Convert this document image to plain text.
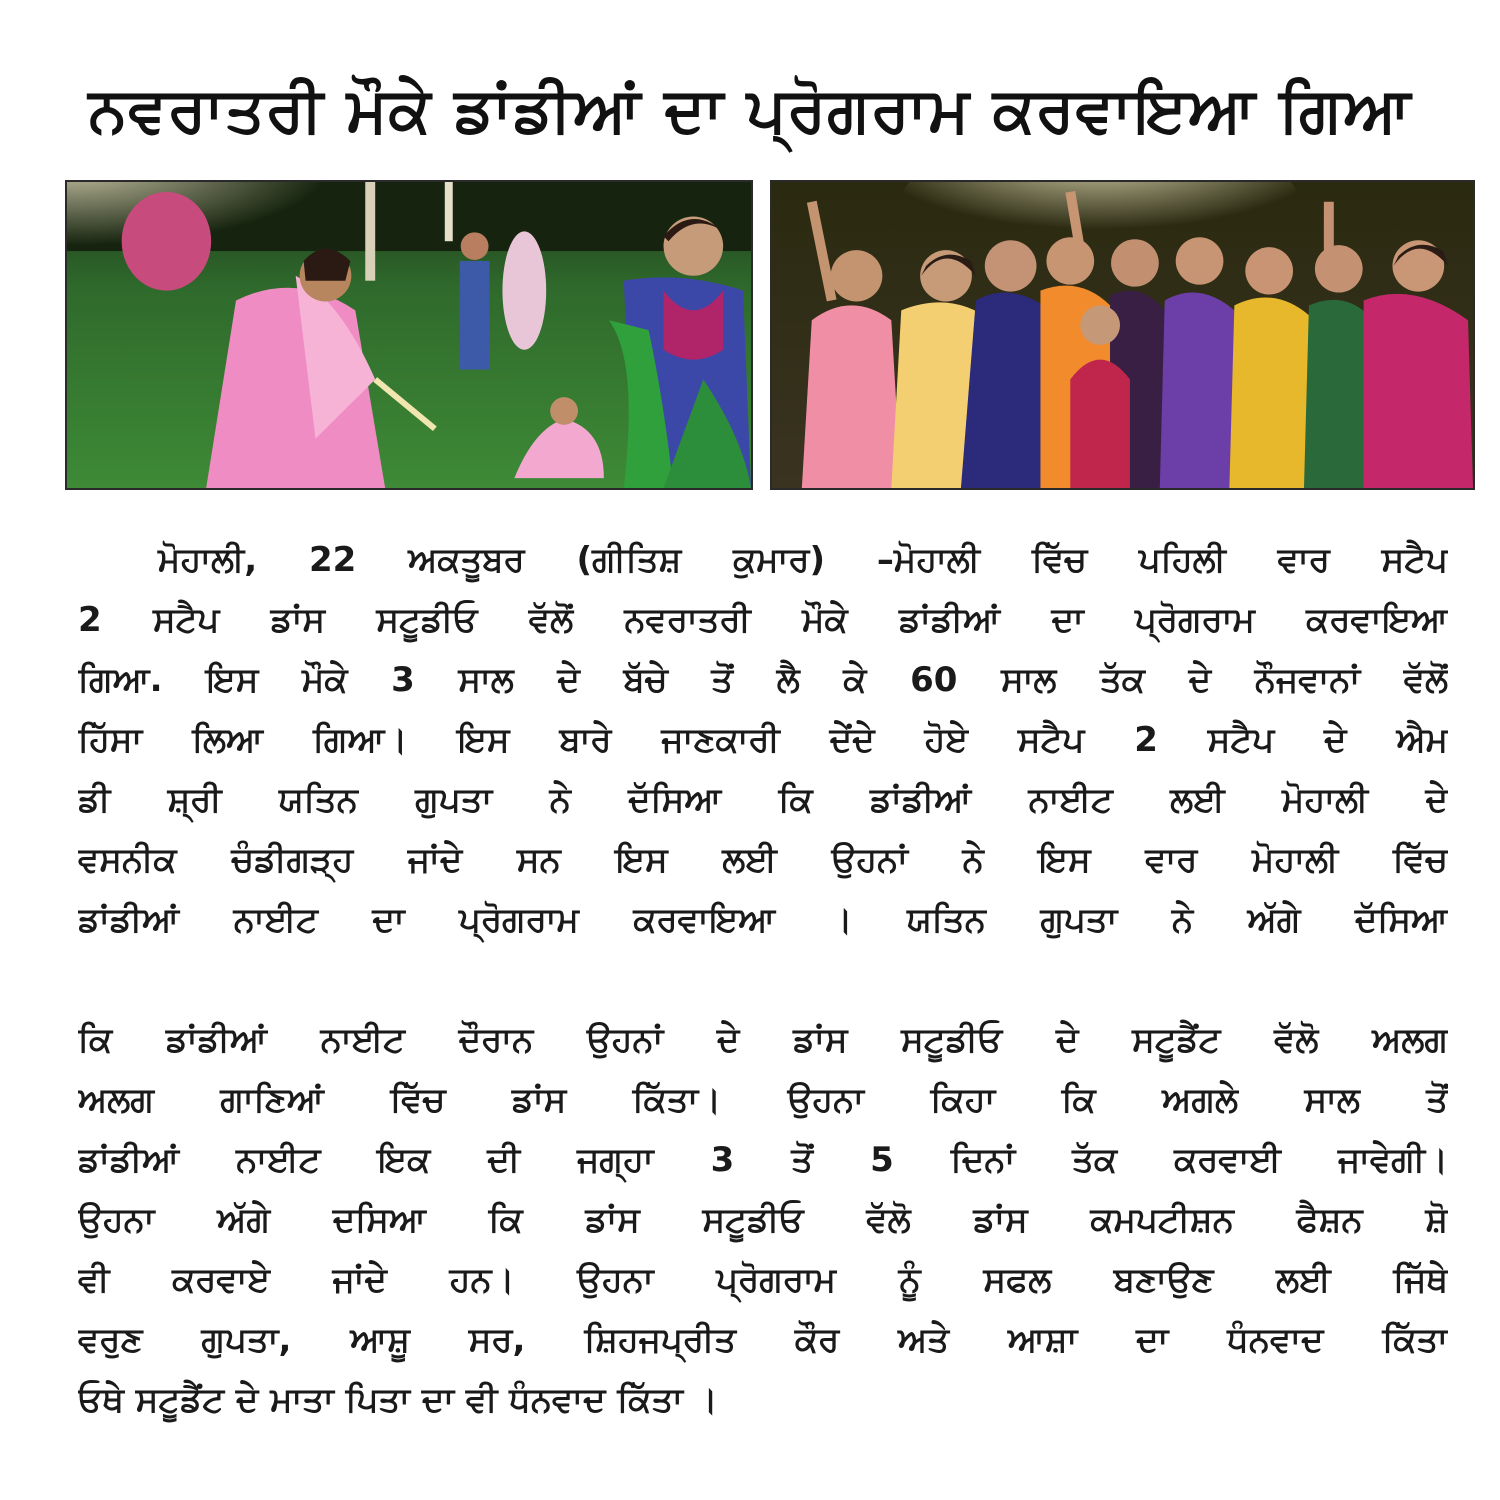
ਨਵਰਾਤਰੀ ਮੌਕੇ ਡਾਂਡੀਆਂ ਦਾ ਪ੍ਰੋਗਰਾਮ ਕਰਵਾਇਆ ਗਿਆ
ਮੋਹਾਲੀ, 22 ਅਕਤੂਬਰ (ਗੀਤਿਸ਼ ਕੁਮਾਰ) –ਮੋਹਾਲੀ ਵਿੱਚ ਪਹਿਲੀ ਵਾਰ ਸਟੈਪ
2 ਸਟੈਪ ਡਾਂਸ ਸਟੂਡੀਓ ਵੱਲੋਂ ਨਵਰਾਤਰੀ ਮੌਕੇ ਡਾਂਡੀਆਂ ਦਾ ਪ੍ਰੋਗਰਾਮ ਕਰਵਾਇਆ
ਗਿਆ. ਇਸ ਮੌਕੇ 3 ਸਾਲ ਦੇ ਬੱਚੇ ਤੋਂ ਲੈ ਕੇ 60 ਸਾਲ ਤੱਕ ਦੇ ਨੌਜਵਾਨਾਂ ਵੱਲੋਂ
ਹਿੱਸਾ ਲਿਆ ਗਿਆ। ਇਸ ਬਾਰੇ ਜਾਣਕਾਰੀ ਦੇਂਦੇ ਹੋਏ ਸਟੈਪ 2 ਸਟੈਪ ਦੇ ਐਮ
ਡੀ ਸ਼੍ਰੀ ਯਤਿਨ ਗੁਪਤਾ ਨੇ ਦੱਸਿਆ ਕਿ ਡਾਂਡੀਆਂ ਨਾਈਟ ਲਈ ਮੋਹਾਲੀ ਦੇ
ਵਸਨੀਕ ਚੰਡੀਗੜ੍ਹ ਜਾਂਦੇ ਸਨ ਇਸ ਲਈ ਉਹਨਾਂ ਨੇ ਇਸ ਵਾਰ ਮੋਹਾਲੀ ਵਿੱਚ
ਡਾਂਡੀਆਂ ਨਾਈਟ ਦਾ ਪ੍ਰੋਗਰਾਮ ਕਰਵਾਇਆ । ਯਤਿਨ ਗੁਪਤਾ ਨੇ ਅੱਗੇ ਦੱਸਿਆ
ਕਿ ਡਾਂਡੀਆਂ ਨਾਈਟ ਦੌਰਾਨ ਉਹਨਾਂ ਦੇ ਡਾਂਸ ਸਟੂਡੀਓ ਦੇ ਸਟੂਡੈਂਟ ਵੱਲੋ ਅਲਗ
ਅਲਗ ਗਾਣਿਆਂ ਵਿੱਚ ਡਾਂਸ ਕਿੱਤਾ। ਉਹਨਾ ਕਿਹਾ ਕਿ ਅਗਲੇ ਸਾਲ ਤੋਂ
ਡਾਂਡੀਆਂ ਨਾਈਟ ਇਕ ਦੀ ਜਗ੍ਹਾ 3 ਤੋਂ 5 ਦਿਨਾਂ ਤੱਕ ਕਰਵਾਈ ਜਾਵੇਗੀ।
ਉਹਨਾ ਅੱਗੇ ਦਸਿਆ ਕਿ ਡਾਂਸ ਸਟੂਡੀਓ ਵੱਲੋ ਡਾਂਸ ਕਮਪਟੀਸ਼ਨ ਫੈਸ਼ਨ ਸ਼ੋ
ਵੀ ਕਰਵਾਏ ਜਾਂਦੇ ਹਨ। ਉਹਨਾ ਪ੍ਰੋਗਰਾਮ ਨੂੰ ਸਫਲ ਬਣਾਉਣ ਲਈ ਜਿੱਥੇ
ਵਰੁਣ ਗੁਪਤਾ, ਆਸ਼ੂ ਸਰ, ਸ਼ਿਹਜਪ੍ਰੀਤ ਕੌਰ ਅਤੇ ਆਸ਼ਾ ਦਾ ਧੰਨਵਾਦ ਕਿੱਤਾ
ਓਥੇ ਸਟੂਡੈਂਟ ਦੇ ਮਾਤਾ ਪਿਤਾ ਦਾ ਵੀ ਧੰਨਵਾਦ ਕਿੱਤਾ ।
